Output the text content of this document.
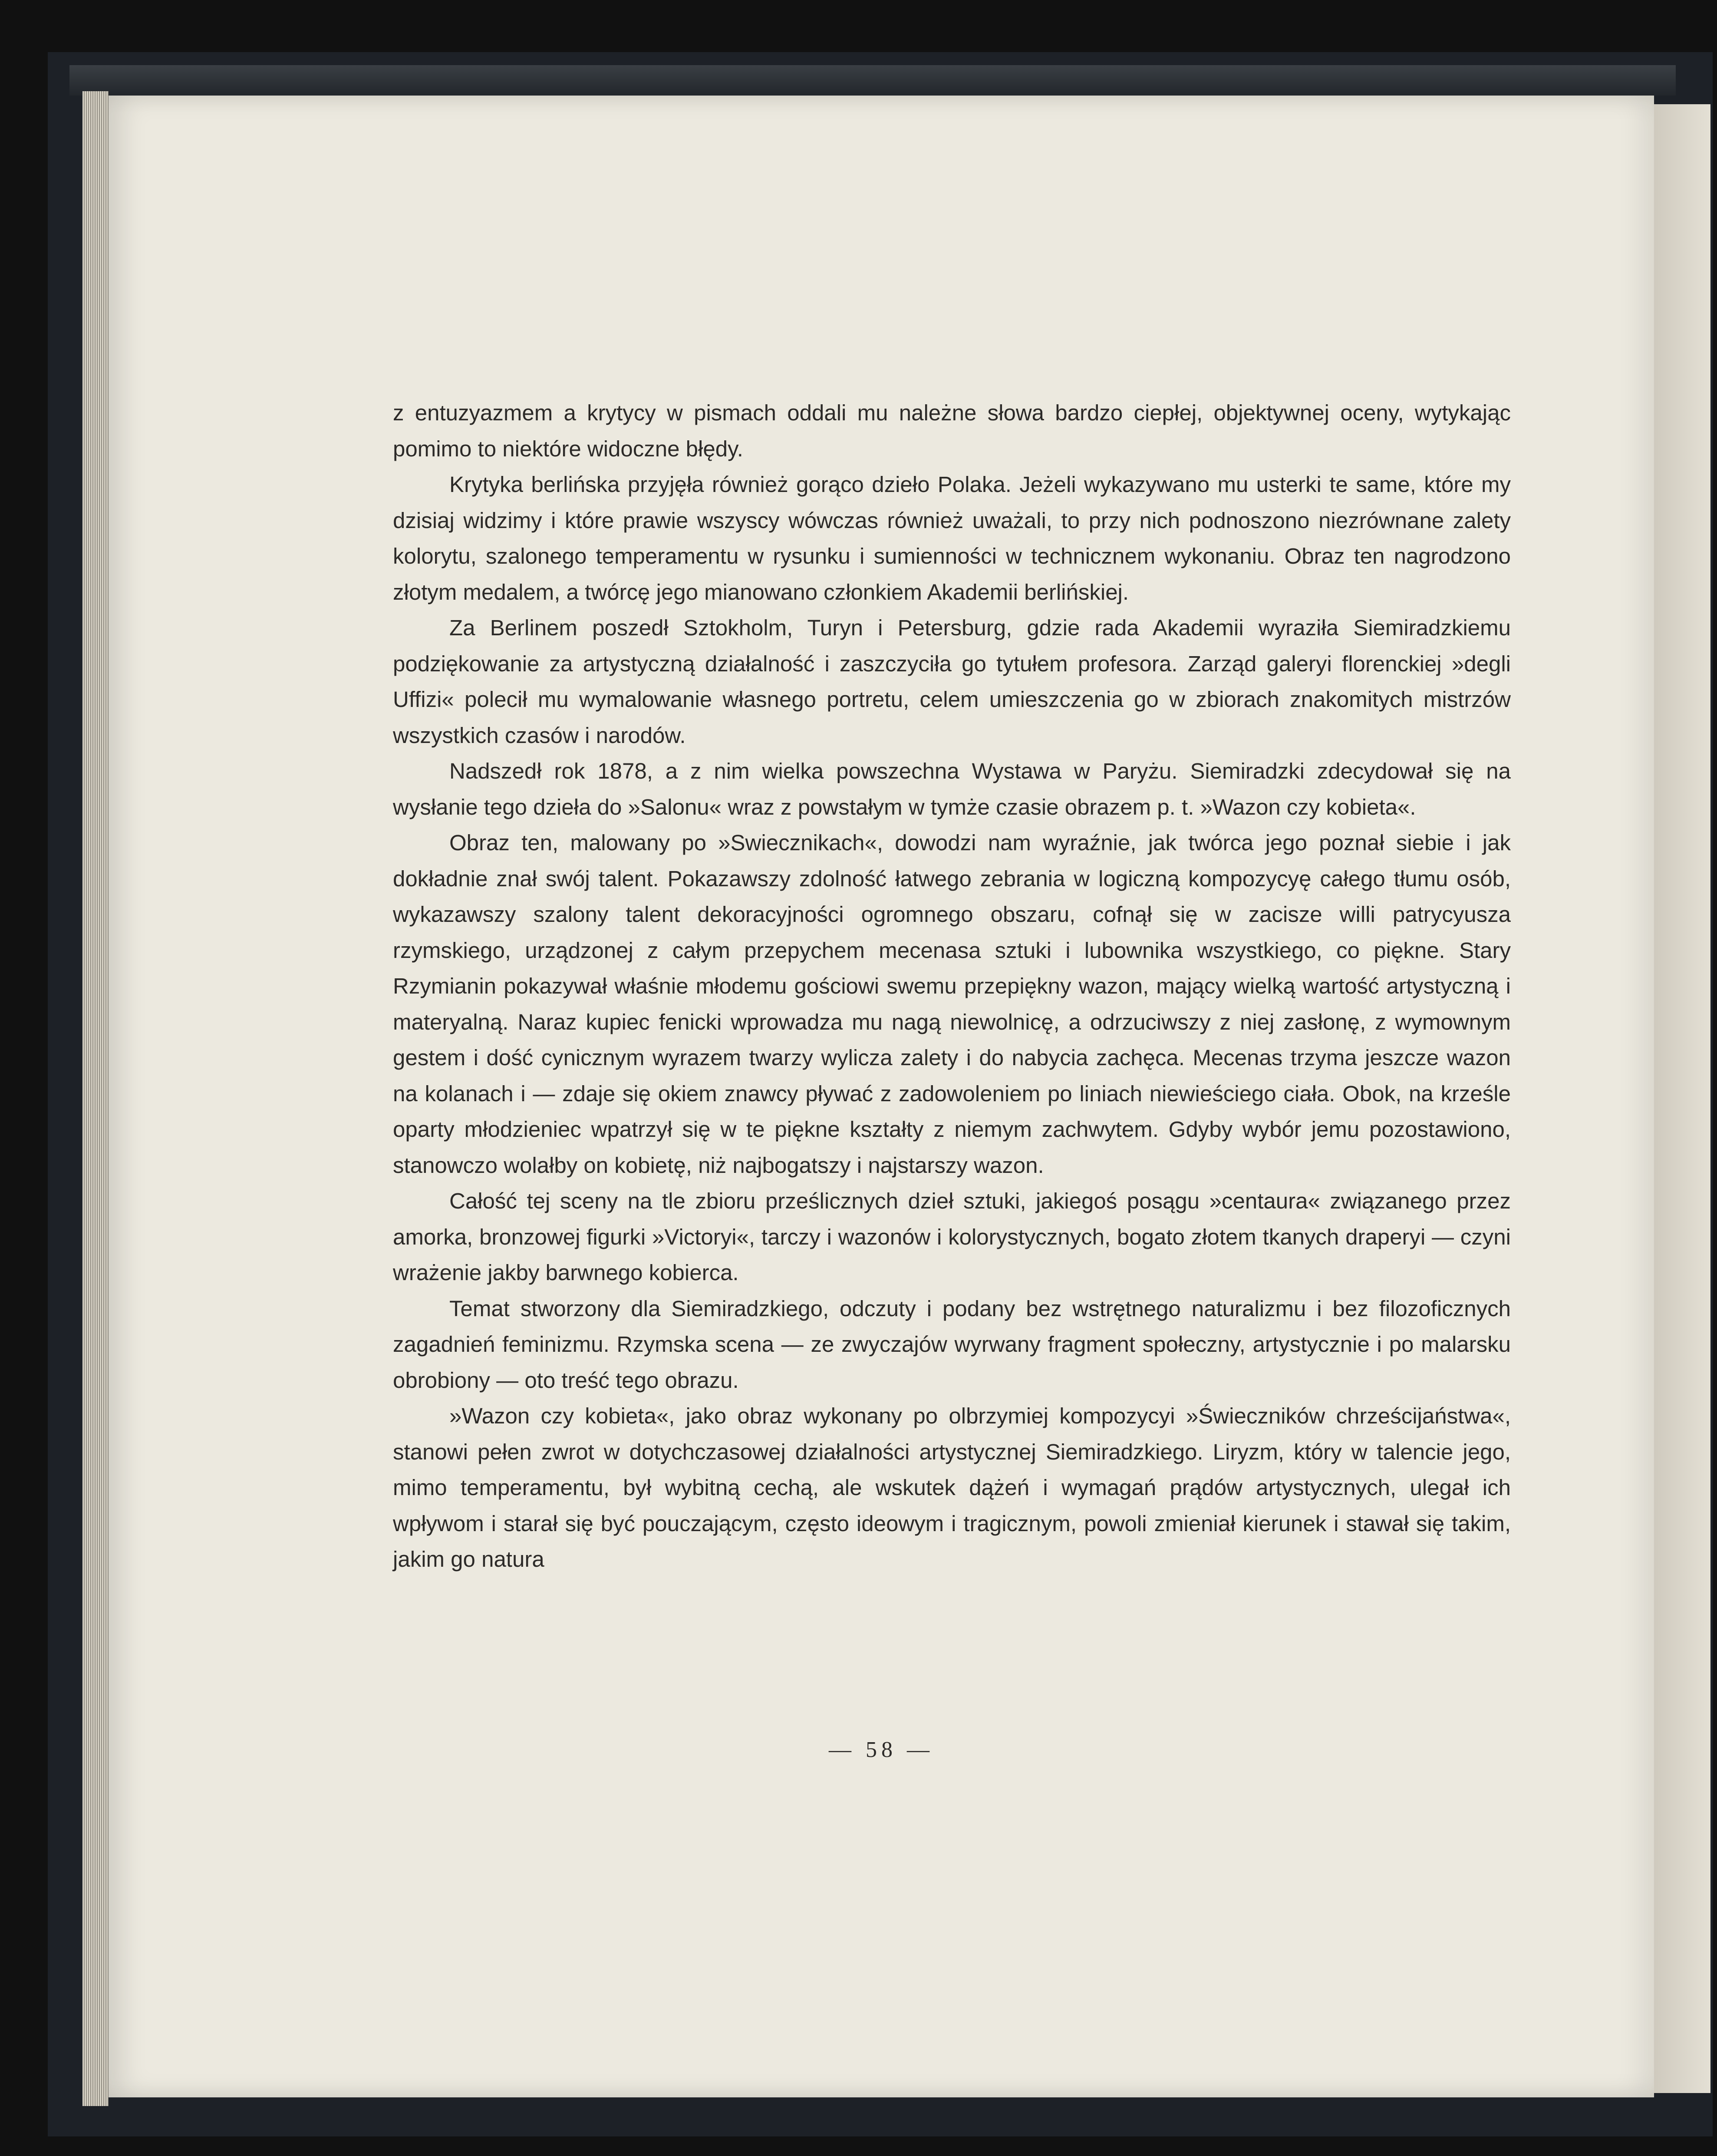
z entuzyazmem a krytycy w pismach oddali mu należne słowa bardzo ciepłej, objektywnej oceny, wytykając pomimo to niektóre widoczne błędy.

Krytyka berlińska przyjęła również gorąco dzieło Polaka. Jeżeli wykazywano mu usterki te same, które my dzisiaj widzimy i które prawie wszyscy wówczas również uważali, to przy nich podnoszono niezrównane zalety kolorytu, szalonego temperamentu w rysunku i sumienności w technicznem wykonaniu. Obraz ten nagrodzono złotym medalem, a twórcę jego mianowano członkiem Akademii berlińskiej.

Za Berlinem poszedł Sztokholm, Turyn i Petersburg, gdzie rada Akademii wyraziła Siemiradzkiemu podziękowanie za artystyczną działalność i zaszczyciła go tytułem profesora. Zarząd galeryi florenckiej »degli Uffizi« polecił mu wymalowanie własnego portretu, celem umieszczenia go w zbiorach znakomitych mistrzów wszystkich czasów i narodów.

Nadszedł rok 1878, a z nim wielka powszechna Wystawa w Paryżu. Siemiradzki zdecydował się na wysłanie tego dzieła do »Salonu« wraz z powstałym w tymże czasie obrazem p. t. »Wazon czy kobieta«.

Obraz ten, malowany po »Swiecznikach«, dowodzi nam wyraźnie, jak twórca jego poznał siebie i jak dokładnie znał swój talent. Pokazawszy zdolność łatwego zebrania w logiczną kompozycyę całego tłumu osób, wykazawszy szalony talent dekoracyjności ogromnego obszaru, cofnął się w zacisze willi patrycyusza rzymskiego, urządzonej z całym przepychem mecenasa sztuki i lubownika wszystkiego, co piękne. Stary Rzymianin pokazywał właśnie młodemu gościowi swemu przepiękny wazon, mający wielką wartość artystyczną i materyalną. Naraz kupiec fenicki wprowadza mu nagą niewolnicę, a odrzuciwszy z niej zasłonę, z wymownym gestem i dość cynicznym wyrazem twarzy wylicza zalety i do nabycia zachęca. Mecenas trzyma jeszcze wazon na kolanach i — zdaje się okiem znawcy pływać z zadowoleniem po liniach niewieściego ciała. Obok, na krześle oparty młodzieniec wpatrzył się w te piękne kształty z niemym zachwytem. Gdyby wybór jemu pozostawiono, stanowczo wolałby on kobietę, niż najbogatszy i najstarszy wazon.

Całość tej sceny na tle zbioru prześlicznych dzieł sztuki, jakiegoś posągu »centaura« związanego przez amorka, bronzowej figurki »Victoryi«, tarczy i wazonów i kolorystycznych, bogato złotem tkanych draperyi — czyni wrażenie jakby barwnego kobierca.

Temat stworzony dla Siemiradzkiego, odczuty i podany bez wstrętnego naturalizmu i bez filozoficznych zagadnień feminizmu. Rzymska scena — ze zwyczajów wyrwany fragment społeczny, artystycznie i po malarsku obrobiony — oto treść tego obrazu.

»Wazon czy kobieta«, jako obraz wykonany po olbrzymiej kompozycyi »Świeczników chrześcijaństwa«, stanowi pełen zwrot w dotychczasowej działalności artystycznej Siemiradzkiego. Liryzm, który w talencie jego, mimo temperamentu, był wybitną cechą, ale wskutek dążeń i wymagań prądów artystycznych, ulegał ich wpływom i starał się być pouczającym, często ideowym i tragicznym, powoli zmieniał kierunek i stawał się takim, jakim go natura

— 58 —
